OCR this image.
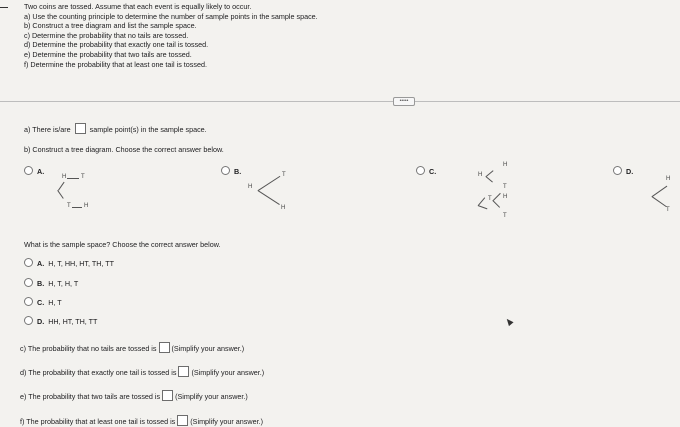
Two coins are tossed. Assume that each event is equally likely to occur.
a) Use the counting principle to determine the number of sample points in the sample space.
b) Construct a tree diagram and list the sample space.
c) Determine the probability that no tails are tossed.
d) Determine the probability that exactly one tail is tossed.
e) Determine the probability that two tails are tossed.
f) Determine the probability that at least one tail is tossed.
•••••
a) There is/are	sample point(s) in the sample space.
b) Construct a tree diagram. Choose the correct answer below.
A.
H T
T H
B.
H
T
H
C.	H
H
T
T H
T
D.
H
T
What is the sample space? Choose the correct answer below.
A. H, T, HH, HT, TH, TT
B. H, T, H, T
C. H, T
D. HH, HT, TH, TT
c) The probability that no tails are tossed is (Simplify your answer.)
d) The probability that exactly one tail is tossed is (Simplify your answer.)
e) The probability that two tails are tossed is (Simplify your answer.)
f) The probability that at least one tail is tossed is (Simplify your answer.)
